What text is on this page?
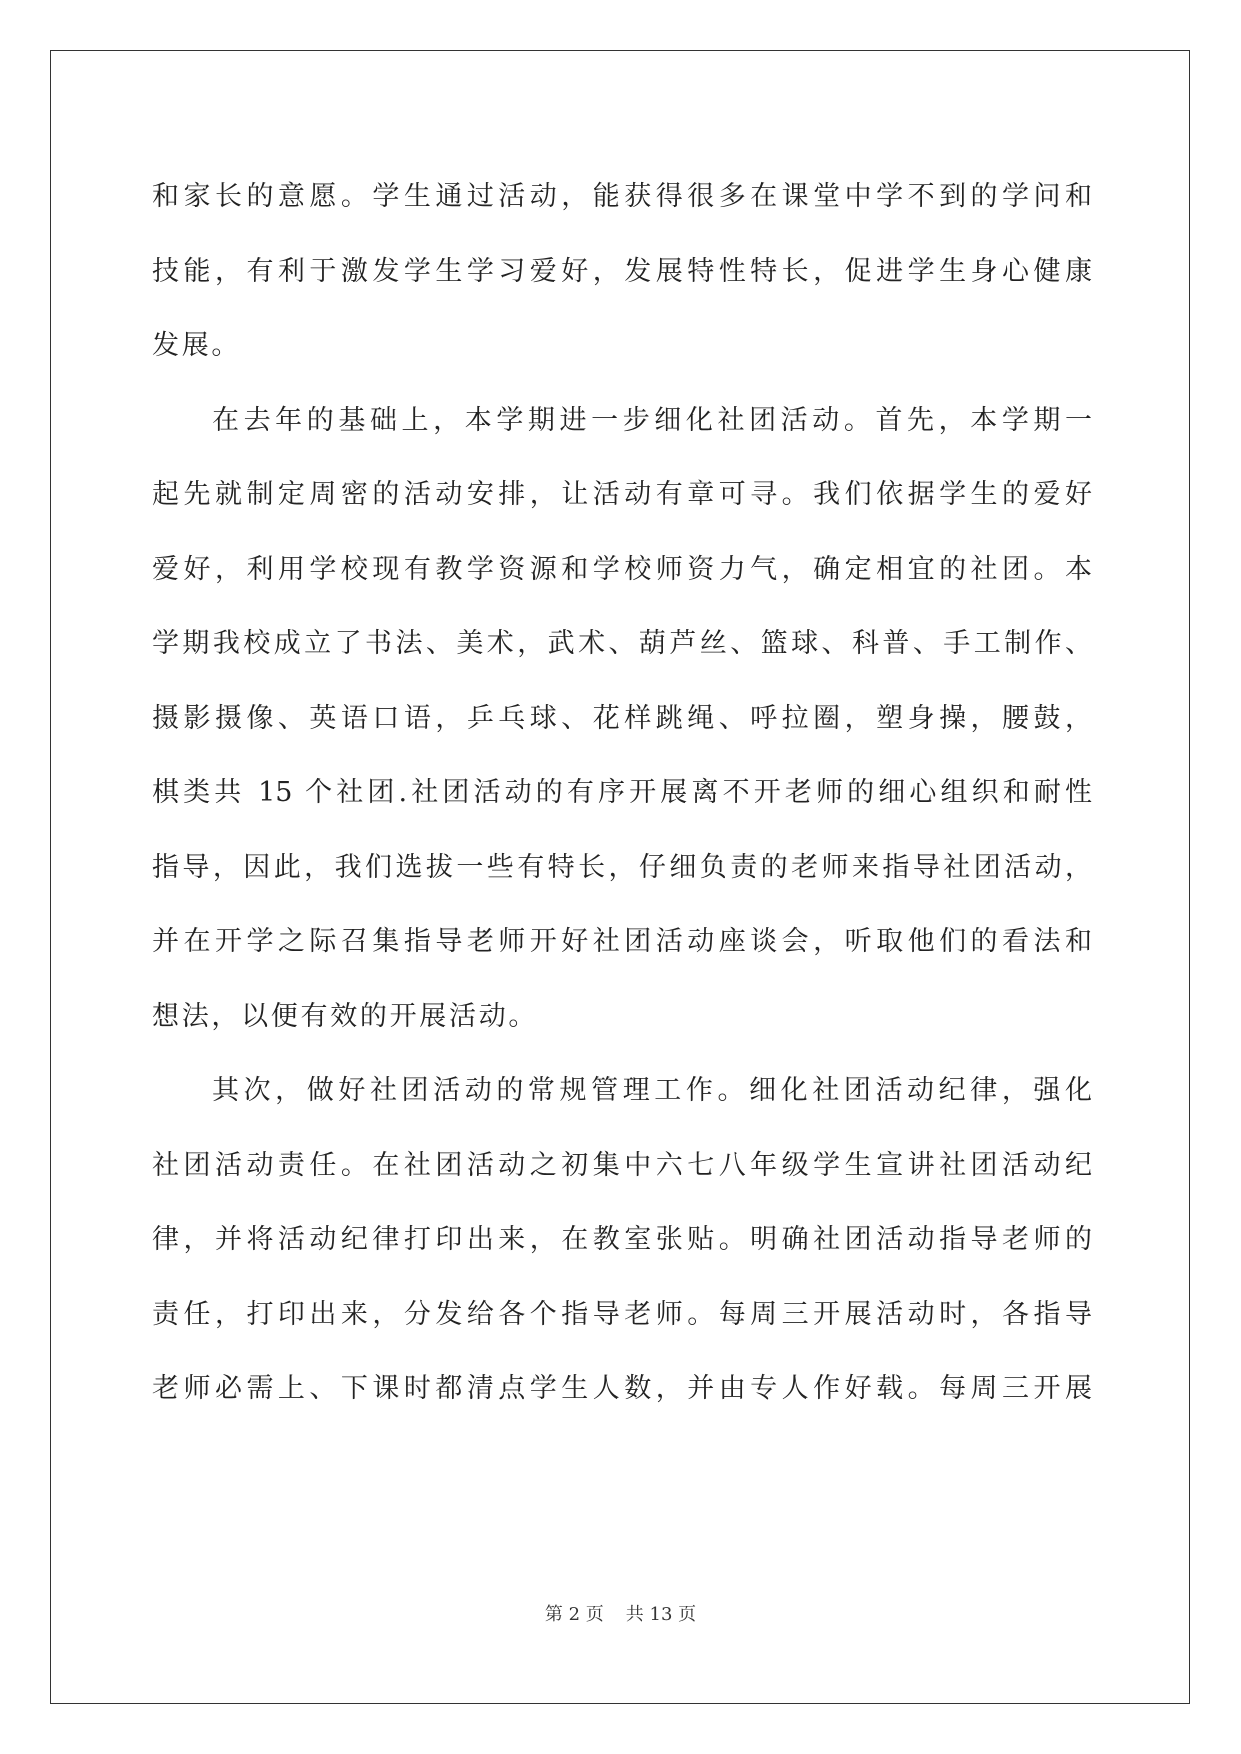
和家长的意愿。学生通过活动，能获得很多在课堂中学不到的学问和
技能，有利于激发学生学习爱好，发展特性特长，促进学生身心健康
发展。
在去年的基础上，本学期进一步细化社团活动。首先，本学期一
起先就制定周密的活动安排，让活动有章可寻。我们依据学生的爱好
爱好，利用学校现有教学资源和学校师资力气，确定相宜的社团。本
学期我校成立了书法、美术，武术、葫芦丝、篮球、科普、手工制作、
摄影摄像、英语口语，乒乓球、花样跳绳、呼拉圈，塑身操，腰鼓，
棋类共 15 个社团.社团活动的有序开展离不开老师的细心组织和耐性
指导，因此，我们选拔一些有特长，仔细负责的老师来指导社团活动，
并在开学之际召集指导老师开好社团活动座谈会，听取他们的看法和
想法，以便有效的开展活动。
其次，做好社团活动的常规管理工作。细化社团活动纪律，强化
社团活动责任。在社团活动之初集中六七八年级学生宣讲社团活动纪
律，并将活动纪律打印出来，在教室张贴。明确社团活动指导老师的
责任，打印出来，分发给各个指导老师。每周三开展活动时，各指导
老师必需上、下课时都清点学生人数，并由专人作好载。每周三开展
第 2 页 共 13 页
